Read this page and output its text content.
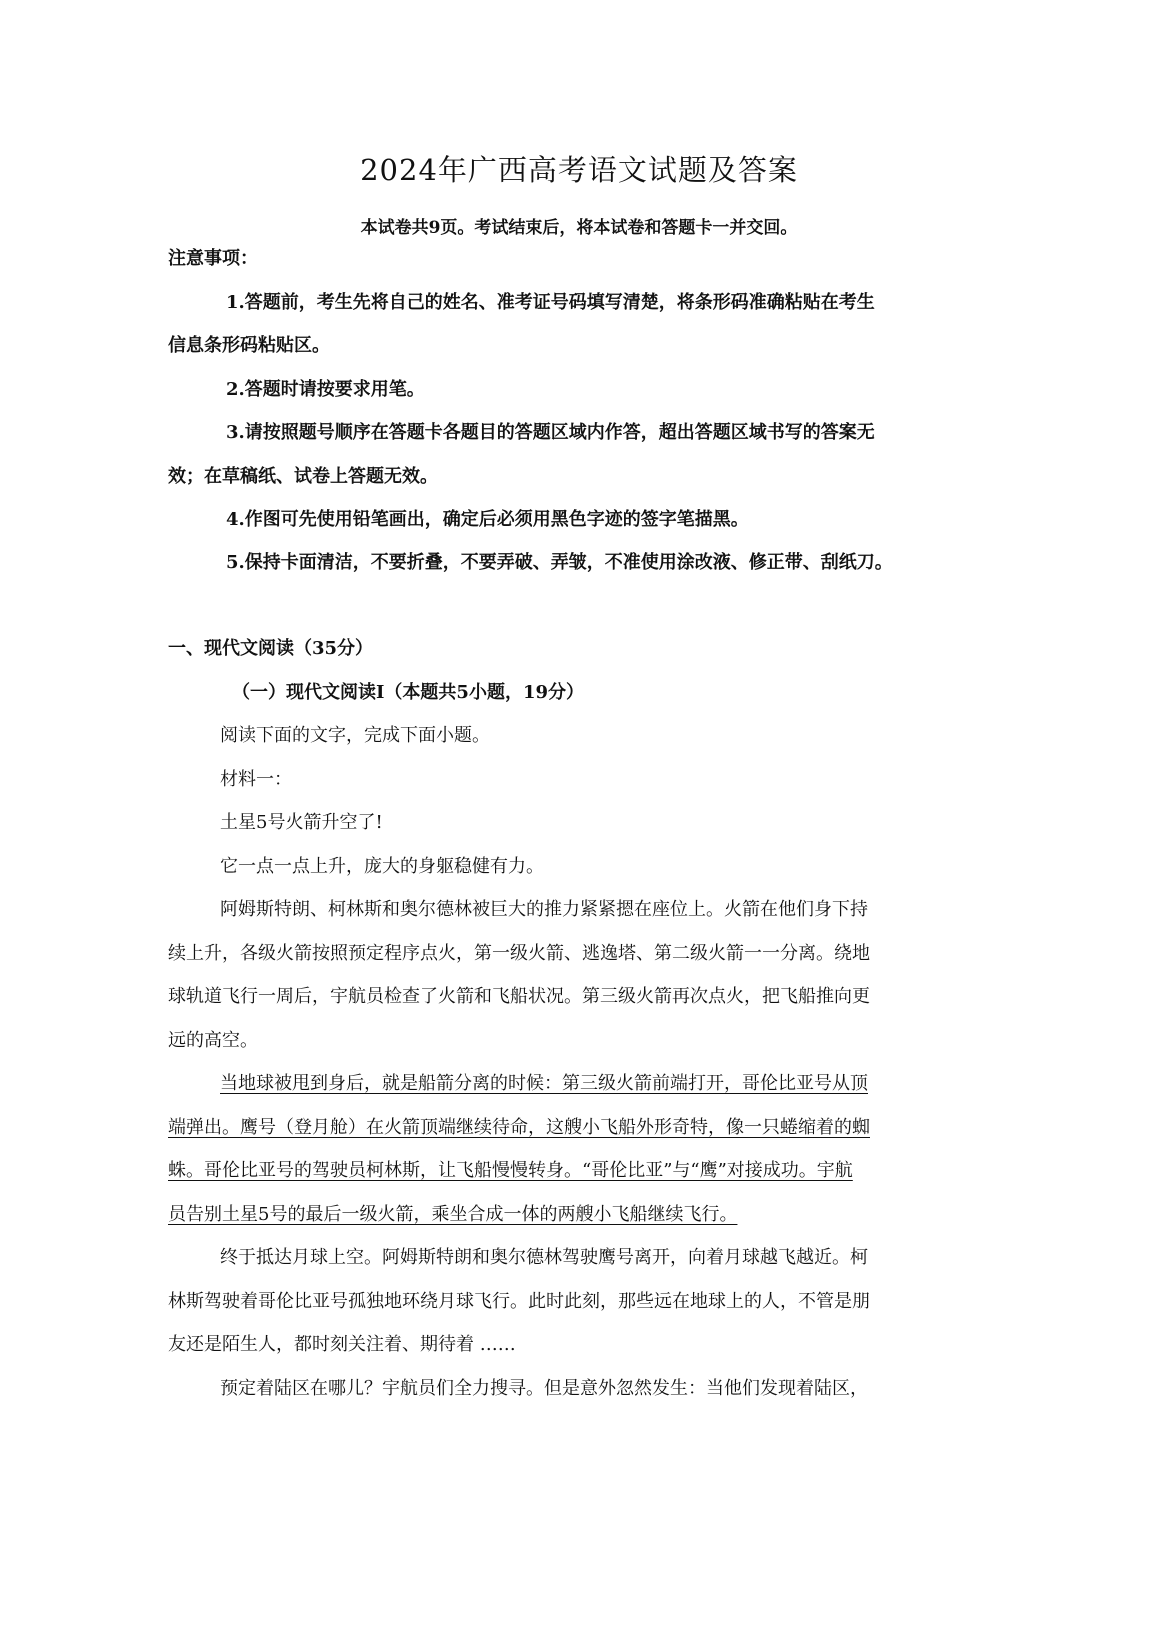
2024年广西高考语文试题及答案
本试卷共9页。考试结束后，将本试卷和答题卡一并交回。
注意事项：
1.答题前，考生先将自己的姓名、准考证号码填写清楚，将条形码准确粘贴在考生
信息条形码粘贴区。
2.答题时请按要求用笔。
3.请按照题号顺序在答题卡各题目的答题区域内作答，超出答题区域书写的答案无
效；在草稿纸、试卷上答题无效。
4.作图可先使用铅笔画出，确定后必须用黑色字迹的签字笔描黑。
5.保持卡面清洁，不要折叠，不要弄破、弄皱，不准使用涂改液、修正带、刮纸刀。
一、现代文阅读（35分）
（一）现代文阅读Ⅰ（本题共5小题，19分）
阅读下面的文字，完成下面小题。
材料一：
土星5号火箭升空了!
它一点一点上升，庞大的身躯稳健有力。
阿姆斯特朗、柯林斯和奥尔德林被巨大的推力紧紧摁在座位上。火箭在他们身下持
续上升，各级火箭按照预定程序点火，第一级火箭、逃逸塔、第二级火箭一一分离。绕地
球轨道飞行一周后，宇航员检查了火箭和飞船状况。第三级火箭再次点火，把飞船推向更
远的高空。
当地球被甩到身后，就是船箭分离的时候：第三级火箭前端打开，哥伦比亚号从顶
端弹出。鹰号（登月舱）在火箭顶端继续待命，这艘小飞船外形奇特，像一只蜷缩着的蜘
蛛。哥伦比亚号的驾驶员柯林斯，让飞船慢慢转身。“哥伦比亚”与“鹰”对接成功。宇航
员告别土星5号的最后一级火箭，乘坐合成一体的两艘小飞船继续飞行。
终于抵达月球上空。阿姆斯特朗和奥尔德林驾驶鹰号离开，向着月球越飞越近。柯
林斯驾驶着哥伦比亚号孤独地环绕月球飞行。此时此刻，那些远在地球上的人，不管是朋
友还是陌生人，都时刻关注着、期待着 ……
预定着陆区在哪儿？宇航员们全力搜寻。但是意外忽然发生：当他们发现着陆区，
